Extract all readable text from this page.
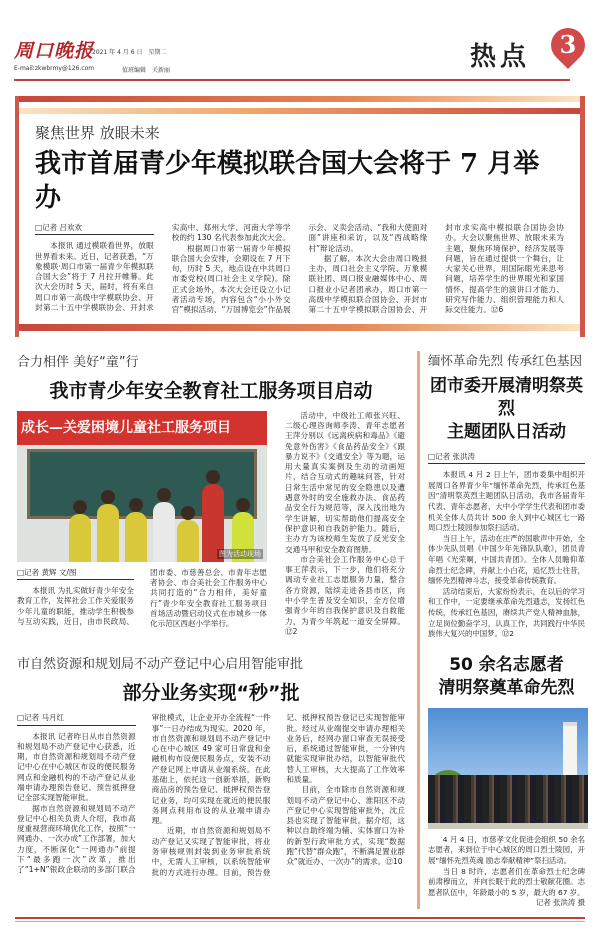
周口晚报
2021 年 4 月 6 日　星期二
E-mail:zkwbrmy@126.com	值班编辑　关新丽	热点	3
聚焦世界 放眼未来
我市首届青少年模拟联合国大会将于 7 月举办
□记者 吕欢欢

本报讯 通过模联看世界，放眼世界看未来。近日，记者获悉，“万象模联·周口市第一届青少年模拟联合国大会”将于 7 月拉开帷幕。此次大会历时 5 天，届时，将有来自周口市第一高级中学模联协会、开封第二十五中学模联协会、开封求实高中、郑州大学、河南大学等学校的约 130 名代表参加此次大会。

根据周口市第一届青少年模拟联合国大会安排，会期设在 7 月下旬，历时 5 天，地点设在中共周口市委党校(周口社会主义学院)。除正式会场外，本次大会还设立小记者活动专场，内容包含“小小外交官”模拟活动、“万国博览会”作品展示会、义卖会活动、“我和大使面对面”讲座和采访，以及“西战略缘村”辩论活动。

据了解，本次大会由周口晚报主办，周口社会主义学院、万象模联社团、周口报业融媒体中心、周口报业小记者团承办，周口市第一高级中学模拟联合国协会、开封市第二十五中学模拟联合国协会、开封市求实高中模拟联合国协会协办。大会以聚焦世界、放眼未来为主题，聚焦环境保护、经济发展等问题，旨在通过提供一个舞台，让大家关心世界，用国际眼光来思考问题，培养学生的世界眼光和家国情怀，提高学生的演讲口才能力、研究写作能力、组织管理能力和人际交往能力。⑫6

合力相伴 美好“童”行
我市青少年安全教育社工服务项目启动
成长—关爱困境儿童社工服务项目
图为活动现场
□记者 黄辉 文/图

本报讯 为扎实做好青少年安全教育工作，发挥社会工作关爱服务少年儿童的职能，推动学生积极参与互动实践，近日，由市民政局、团市委、市慈善总会、市青年志愿者协会、市合美社会工作服务中心共同打造的“合力相伴，美好童行”青少年安全教育社工服务项目首场活动暨启动仪式在市城乡一体化示范区西赵小学举行。

活动中，中级社工师张兴旺、二级心理咨询师李涛、青年志愿者王萍分别以《远离疾病和毒品》《避免意外伤害》《食品药品安全》《跟暴力说不》《交通安全》等为题，运用大量真实案例及生动的动画短片，结合互动式的趣味问答，针对日常生活中常见的安全隐患以及遭遇意外时的安全施救办法、食品药品安全行为规范等，深入浅出地为学生讲解，切实帮助他们提高安全保护意识和自我防护能力。随后，主办方为该校师生发放了反光安全交通马甲和安全教育图册。

市合美社会工作服务中心总干事王萍表示，下一步，他们将充分调动专业社工志愿服务力量，整合各方资源，陆续走进各县市区，向中小学生普及安全知识，全方位增强青少年的自我保护意识及自救能力，为青少年筑起一道安全屏障。⑫2

市自然资源和规划局不动产登记中心启用智能审批
部分业务实现“秒”批
□记者 马月红

本报讯 记者昨日从市自然资源和规划局不动产登记中心获悉，近期，市自然资源和规划局不动产登记中心在中心城区布设的便民服务网点和金融机构的不动产登记从业端申请办理预告登记、预告抵押登记全部实现智能审批。

据市自然资源和规划局不动产登记中心相关负责人介绍，我市高度重视营商环境优化工作，按照“一网通办、一次办成”工作部署，加大力度，不断深化“一网通办”前提下“最多跑一次”改革，推出了“1+N”银政企联动的多部门联合审批模式，让企业开办全流程“一件事”一日办结成为现实。2020 年，市自然资源和规划局不动产登记中心在中心城区 49 家可日常盘和金融机构布设便民服务点，安装不动产登记网上申请从业端系统。在此基础上，依托这一创新举措，新购商品房的预告登记、抵押权预告登记业务，均可实现在就近的便民服务网点利用布设的从业端申请办理。

近期，市自然资源和规划局不动产登记又实现了智能审批，将业务审核规则封装到业务审批系统中，无需人工审核，以系统智能审批的方式进行办理。目前，预告登记、抵押权预告登记已实现智能审批。经过从业端提交申请办理相关业务后，经网办窗口审查无误接受后，系统通过智能审批，一分钟内就能实现审批办结，以智能审批代替人工审核，大大提高了工作效率和质量。

目前，全市除市自然资源和规划局不动产登记中心、淮阳区不动产登记中心实现智能审批外，沈丘县也实现了智能审批。据介绍，这种以自助终端为辅、实体窗口为补的新型行政审批方式，实现“数据跑”代替“群众跑”，不断满足置业群众“就近办、一次办”的需求。⑫10

缅怀革命先烈 传承红色基因
团市委开展清明祭英烈
主题团队日活动
□记者 张洪涛

本报讯 4 月 2 日上午，团市委集中组织开展周口各界青少年“缅怀革命先烈，传承红色基因”清明祭英烈主题团队日活动，我市各届青年代表、青年志愿者、大中小学学生代表和团市委机关全体人员共计 500 余人到中心城区七一路周口烈士陵园参加祭扫活动。

当日上午，活动在庄严的国歌声中开始，全体少先队员唱《中国少年先锋队队歌》，团员青年唱《光荣啊，中国共青团》。全体人员瞻仰革命烈士纪念碑，并献上小白花，追忆烈士往昔，缅怀先烈精神斗志，接受革命传统教育。

活动结束后，大家纷纷表示，在以后的学习和工作中，一定要继承革命先烈遗志，发扬红色传统，传承红色基因，赓续共产党人精神血脉，立足岗位勤奋学习，认真工作，共同践行中华民族伟大复兴的中国梦。⑫2

50 余名志愿者
清明祭奠革命先烈

4 月 4 日，市慈孝文化促进会组织 50 余名志愿者，来到位于中心城区的周口烈士陵园，开展“缅怀先烈英魂 励志奉献精神”祭扫活动。

当日 8 时许，志愿者们在革命烈士纪念碑前肃穆而立，并向长眠于此的烈士敬献花圈。志愿者队伍中，年龄最小的 5 岁，最大的 67 岁。

记者 张洪涛 摄
